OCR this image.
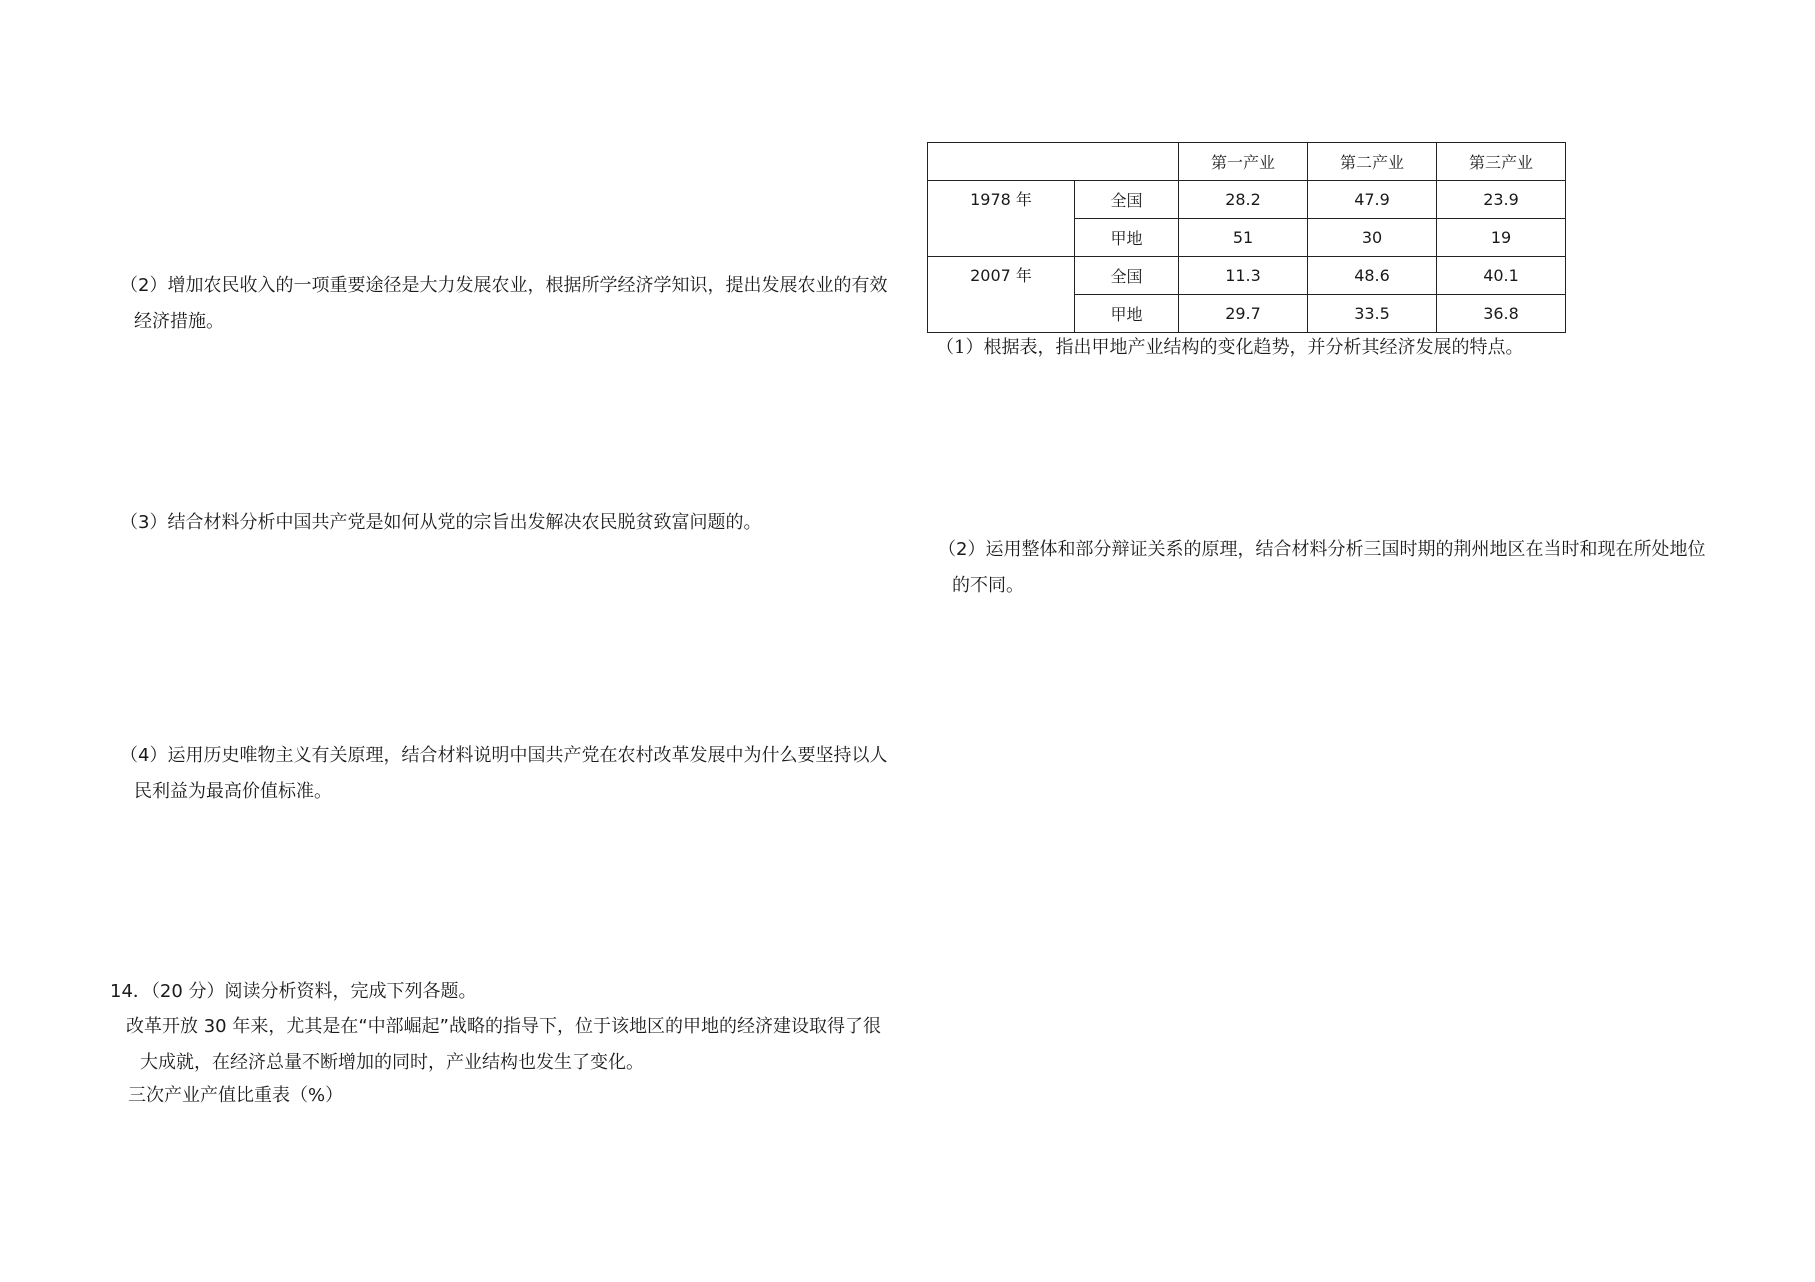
（2）增加农民收入的一项重要途径是大力发展农业，根据所学经济学知识，提出发展农业的有效
经济措施。
（3）结合材料分析中国共产党是如何从党的宗旨出发解决农民脱贫致富问题的。
（4）运用历史唯物主义有关原理，结合材料说明中国共产党在农村改革发展中为什么要坚持以人
民利益为最高价值标准。
14．（20 分）阅读分析资料，完成下列各题。
改革开放 30 年来，尤其是在“中部崛起”战略的指导下，位于该地区的甲地的经济建设取得了很
大成就，在经济总量不断增加的同时，产业结构也发生了变化。
三次产业产值比重表（%）
		第一产业	第二产业	第三产业
1978 年	全国	28.2	47.9	23.9
	甲地	51	30	19
2007 年	全国	11.3	48.6	40.1
	甲地	29.7	33.5	36.8
（1）根据表，指出甲地产业结构的变化趋势，并分析其经济发展的特点。
（2）运用整体和部分辩证关系的原理，结合材料分析三国时期的荆州地区在当时和现在所处地位
的不同。
